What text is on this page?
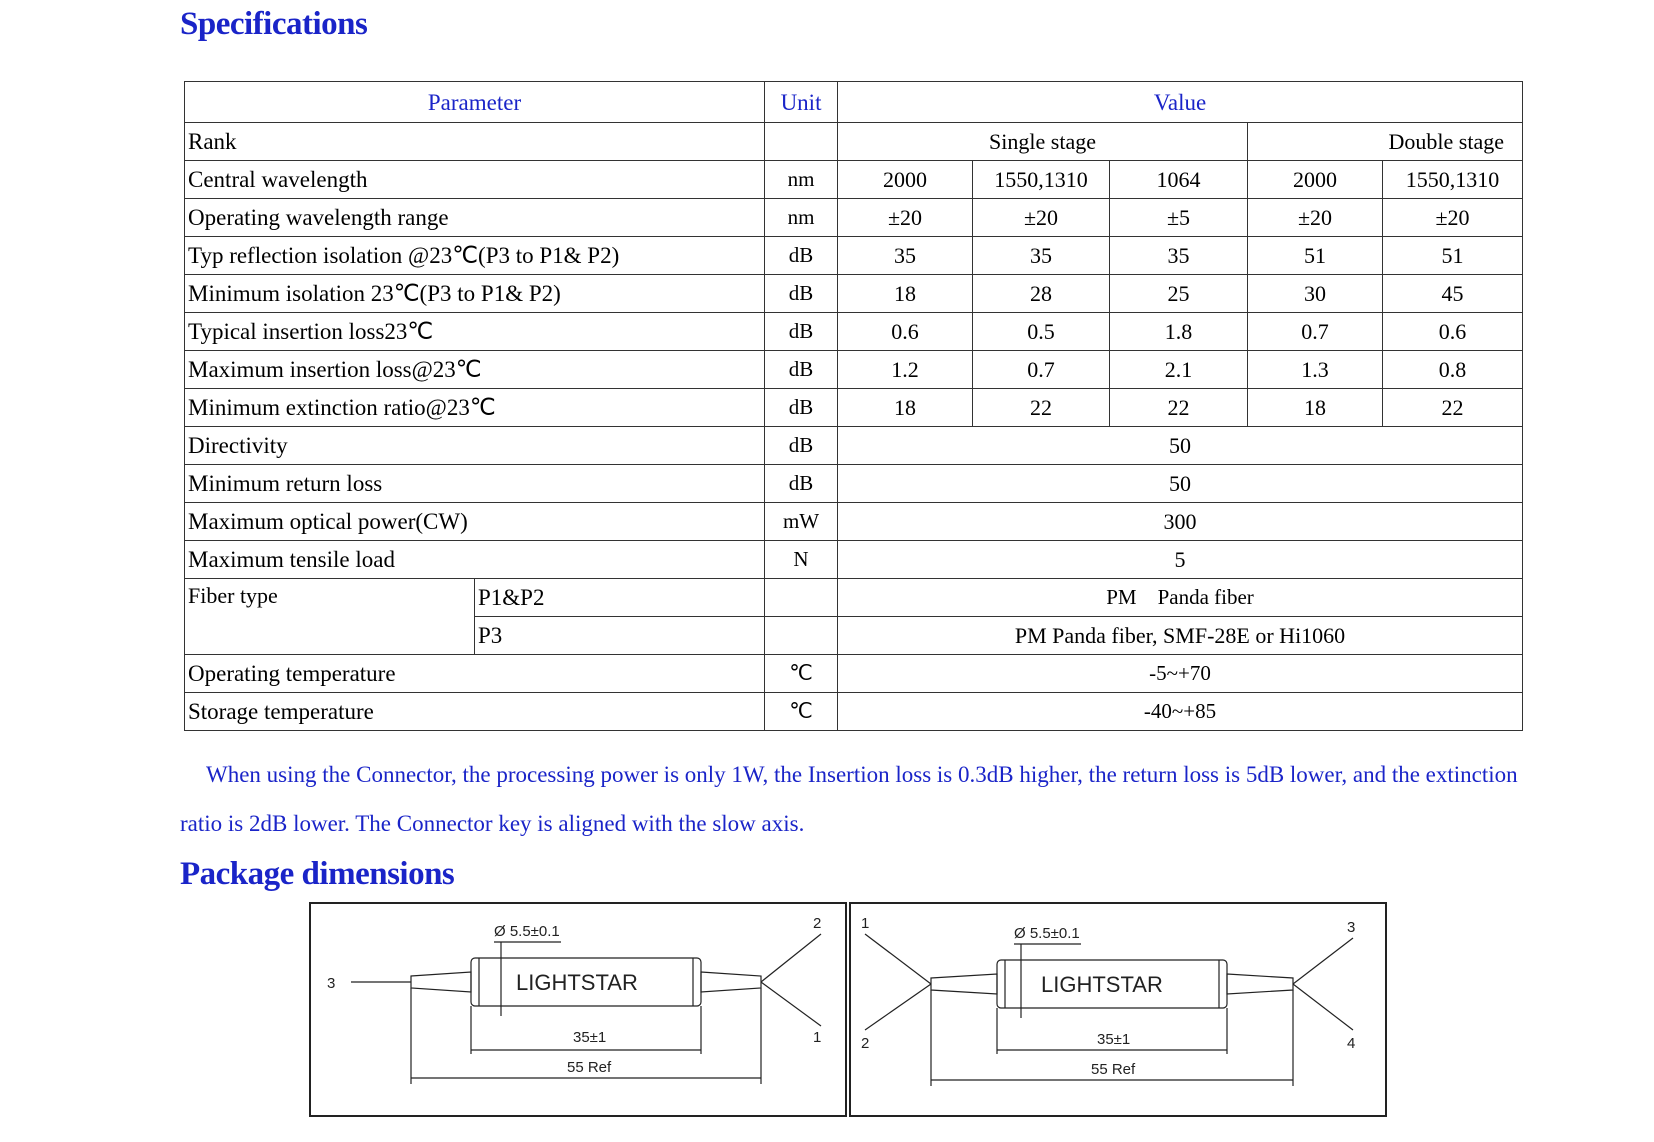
Specifications
Parameter		Unit	Value				
Rank			Single stage			Double stage	
Central wavelength		nm	2000	1550,1310	1064	2000	1550,1310
Operating wavelength range		nm	±20	±20	±5	±20	±20
Typ reflection isolation @23℃(P3 to P1& P2)		dB	35	35	35	51	51
Minimum isolation 23℃(P3 to P1& P2)		dB	18	28	25	30	45
Typical insertion loss23℃		dB	0.6	0.5	1.8	0.7	0.6
Maximum insertion loss@23℃		dB	1.2	0.7	2.1	1.3	0.8
Minimum extinction ratio@23℃		dB	18	22	22	18	22
Directivity		dB	50				
Minimum return loss		dB	50				
Maximum optical power(CW)		mW	300				
Maximum tensile load		N	5				
Fiber type	P1&P2		PM　Panda fiber				
	P3		PM Panda fiber, SMF-28E or Hi1060				
Operating temperature		℃	-5~+70				
Storage temperature		℃	-40~+85				

When using the Connector, the processing power is only 1W, the Insertion loss is 0.3dB higher, the return loss is 5dB lower, and the extinction ratio is 2dB lower. The Connector key is aligned with the slow axis.

Package dimensions
Ø 5.5±0.1
35±1
55 Ref
3
2
1
LIGHTSTAR
Ø 5.5±0.1
35±1
55 Ref
1
2
3
4
LIGHTSTAR
